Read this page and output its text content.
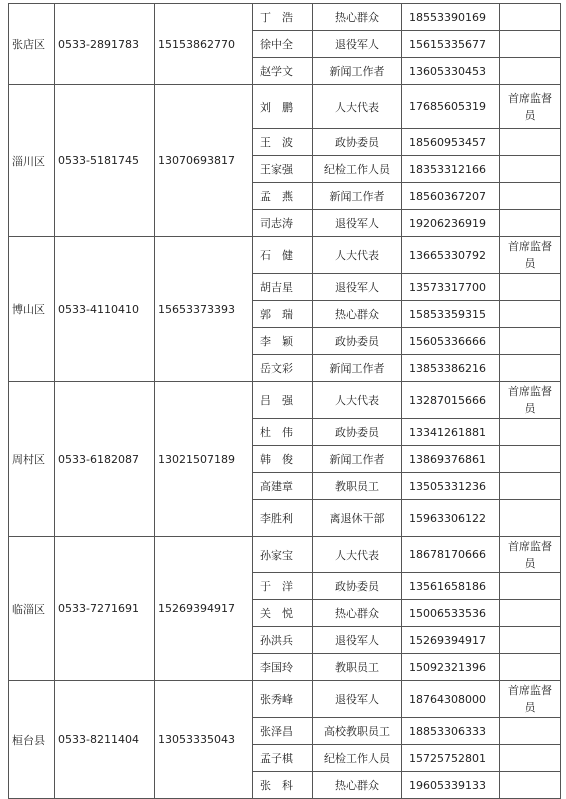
张店区	0533-2891783	15153862770	丁　浩	热心群众	18553390169	
			徐中全	退役军人	15615335677	
			赵学文	新闻工作者	13605330453	
淄川区	0533-5181745	13070693817	刘　鹏	人大代表	17685605319	首席监督员
			王　波	政协委员	18560953457	
			王家强	纪检工作人员	18353312166	
			孟　燕	新闻工作者	18560367207	
			司志涛	退役军人	19206236919	
博山区	0533-4110410	15653373393	石　健	人大代表	13665330792	首席监督员
			胡吉星	退役军人	13573317700	
			郭　瑞	热心群众	15853359315	
			李　颖	政协委员	15605336666	
			岳文彩	新闻工作者	13853386216	
周村区	0533-6182087	13021507189	吕　强	人大代表	13287015666	首席监督员
			杜　伟	政协委员	13341261881	
			韩　俊	新闻工作者	13869376861	
			高建章	教职员工	13505331236	
			李胜利	离退休干部	15963306122	
临淄区	0533-7271691	15269394917	孙家宝	人大代表	18678170666	首席监督员
			于　洋	政协委员	13561658186	
			关　悦	热心群众	15006533536	
			孙洪兵	退役军人	15269394917	
			李国玲	教职员工	15092321396	
桓台县	0533-8211404	13053335043	张秀峰	退役军人	18764308000	首席监督员
			张泽昌	高校教职员工	18853306333	
			孟子棋	纪检工作人员	15725752801	
			张　科	热心群众	19605339133	
